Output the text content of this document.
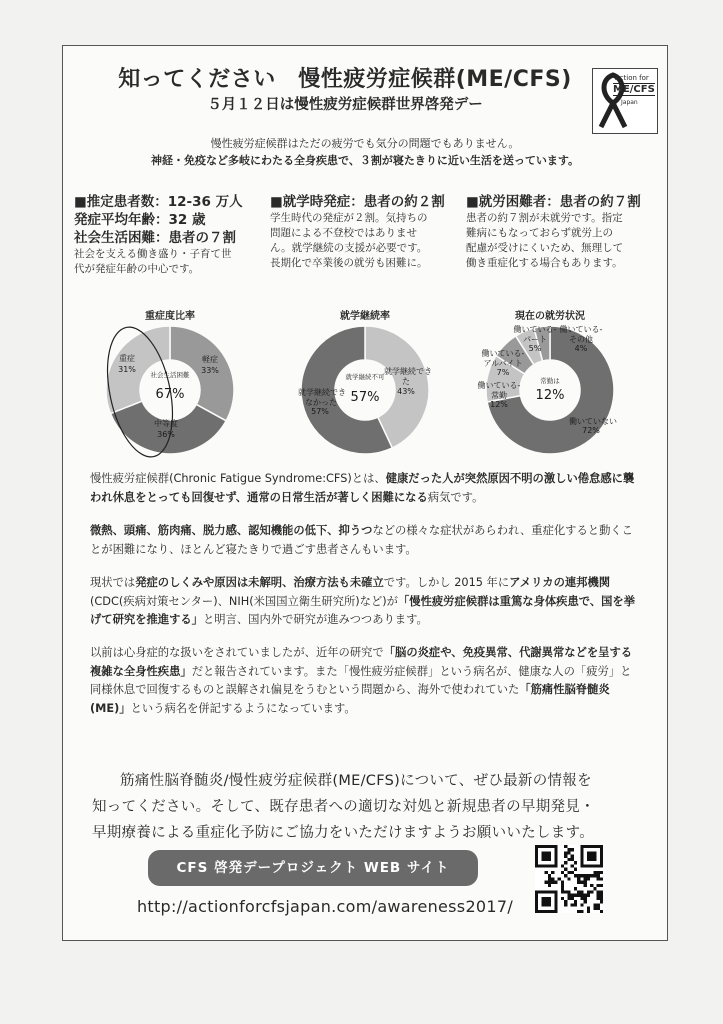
知ってください　慢性疲労症候群(ME/CFS)
５月１２日は慢性疲労症候群世界啓発デー
Action for
ME/CFS
Japan
慢性疲労症候群はただの疲労でも気分の問題でもありません。
神経・免疫など多岐にわたる全身疾患で、３割が寝たきりに近い生活を送っています。
■推定患者数：12-36 万人
発症平均年齢：32 歳
社会生活困難：患者の７割
社会を支える働き盛り・子育て世
代が発症年齢の中心です。
■就学時発症：患者の約２割
学生時代の発症が２割。気持ちの
問題による不登校ではありませ
ん。就学継続の支援が必要です。
長期化で卒業後の就労も困難に。
■就労困難者：患者の約７割
患者の約７割が未就労です。指定
難病にもなっておらず就労上の
配慮が受けにくいため、無理して
働き重症化する場合もあります。
重症度比率	就学継続率	現在の就労状況
軽症
33%
中等度
36%
重症
31%
社会生活困難
67%
就学継続でき
た
43%
就学継続でき
なかった
57%
就学継続不可
57%
働いていない
72%
働いている-
常勤
12%
働いている-
アルバイト
7%
働いている-
パート
5%
働いている-
その他
4%
常勤は
12%
慢性疲労症候群(Chronic Fatigue Syndrome:CFS)とは、健康だった人が突然原因不明の激しい倦怠感に襲われ休息をとっても回復せず、通常の日常生活が著しく困難になる病気です。
微熱、頭痛、筋肉痛、脱力感、認知機能の低下、抑うつなどの様々な症状があらわれ、重症化すると動くことが困難になり、ほとんど寝たきりで過ごす患者さんもいます。
現状では発症のしくみや原因は未解明、治療方法も未確立です。しかし 2015 年にアメリカの連邦機関(CDC(疾病対策センター)、NIH(米国国立衛生研究所)など)が「慢性疲労症候群は重篤な身体疾患で、国を挙げて研究を推進する」と明言、国内外で研究が進みつつあります。
以前は心身症的な扱いをされていましたが、近年の研究で「脳の炎症や、免疫異常、代謝異常などを呈する複雑な全身性疾患」だと報告されています。また「慢性疲労症候群」という病名が、健康な人の「疲労」と同様休息で回復するものと誤解され偏見をうむという問題から、海外で使われていた「筋痛性脳脊髄炎(ME)」という病名を併記するようになっています。
筋痛性脳脊髄炎/慢性疲労症候群(ME/CFS)について、ぜひ最新の情報を
知ってください。そして、既存患者への適切な対処と新規患者の早期発見・
早期療養による重症化予防にご協力をいただけますようお願いいたします。
CFS 啓発デープロジェクト WEB サイト
http://actionforcfsjapan.com/awareness2017/
